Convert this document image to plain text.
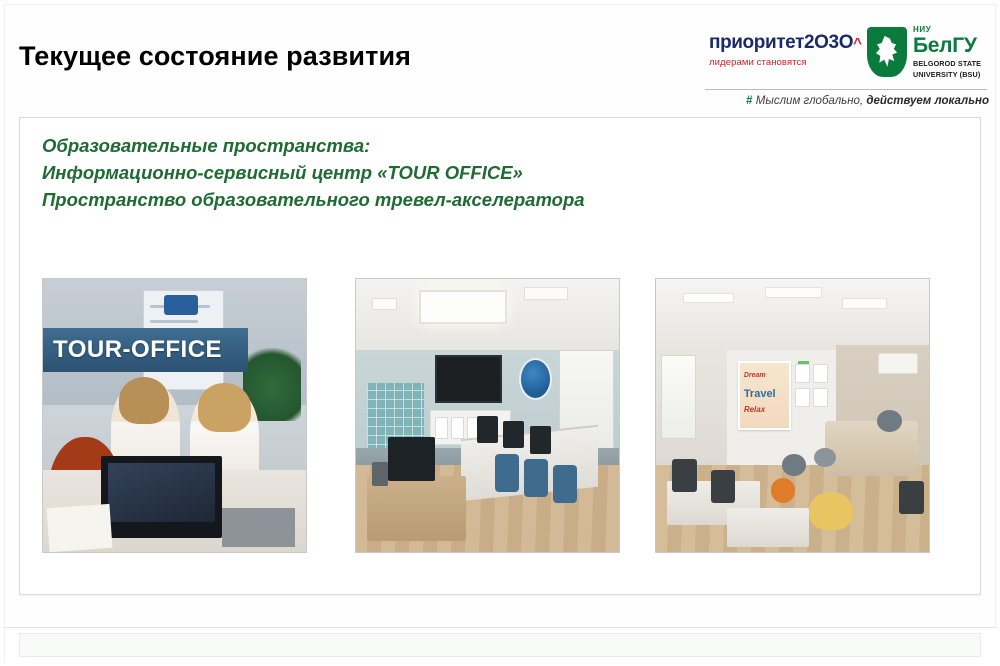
Текущее состояние развития	приоритет2О3О^
лидерами становятся
НИУ
БелГУ
BELGOROD STATE
UNIVERSITY (BSU)
# Мыслим глобально, действуем локально
Образовательные пространства:
Информационно-сервисный центр «TOUR OFFICE»
Пространство образовательного тревел-акселератора
TOUR-OFFICE
Dream
Travel
Relax
